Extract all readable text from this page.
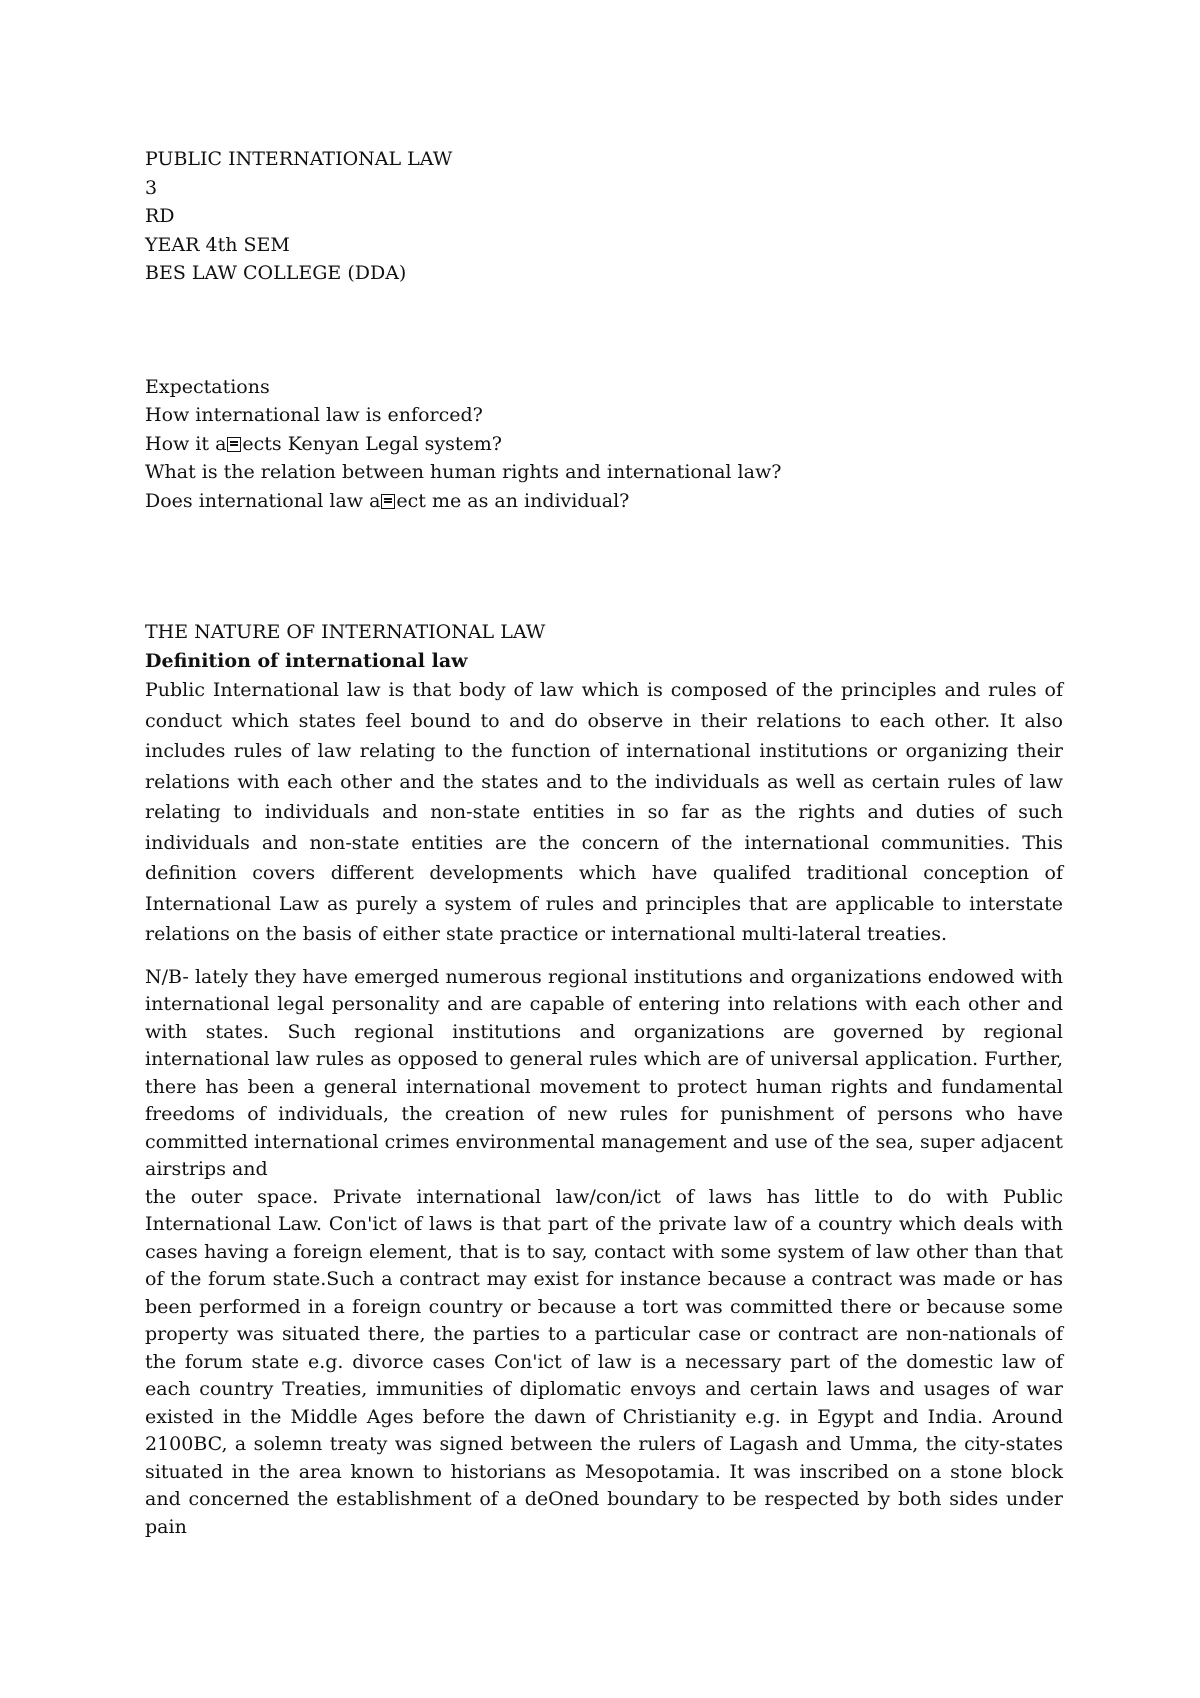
PUBLIC INTERNATIONAL LAW
3
RD
YEAR 4th SEM
BES LAW COLLEGE (DDA)
Expectations
How international law is enforced?
How it a ects Kenyan Legal system?
What is the relation between human rights and international law?
Does international law a ect me as an individual?
THE NATURE OF INTERNATIONAL LAW
Definition of international law

Public International law is that body of law which is composed of the principles and rules of conduct which states feel bound to and do observe in their relations to each other. It also includes rules of law relating to the function of international institutions or organizing their relations with each other and the states and to the individuals as well as certain rules of law relating to individuals and non-state entities in so far as the rights and duties of such individuals and non-state entities are the concern of the international communities. This definition covers different developments which have qualifed traditional conception of International Law as purely a system of rules and principles that are applicable to interstate relations on the basis of either state practice or international multi-lateral treaties.

N/B- lately they have emerged numerous regional institutions and organizations endowed with international legal personality and are capable of entering into relations with each other and with states. Such regional institutions and organizations are governed by regional international law rules as opposed to general rules which are of universal application. Further, there has been a general international movement to protect human rights and fundamental freedoms of individuals, the creation of new rules for punishment of persons who have committed international crimes environmental management and use of the sea, super adjacent airstrips and

the outer space. Private international law/con/ict of laws has little to do with Public International Law. Con'ict of laws is that part of the private law of a country which deals with cases having a foreign element, that is to say, contact with some system of law other than that of the forum state.Such a contract may exist for instance because a contract was made or has been performed in a foreign country or because a tort was committed there or because some property was situated there, the parties to a particular case or contract are non-nationals of the forum state e.g. divorce cases Con'ict of law is a necessary part of the domestic law of each country Treaties, immunities of diplomatic envoys and certain laws and usages of war existed in the Middle Ages before the dawn of Christianity e.g. in Egypt and India. Around 2100BC, a solemn treaty was signed between the rulers of Lagash and Umma, the city-states situated in the area known to historians as Mesopotamia. It was inscribed on a stone block and concerned the establishment of a deOned boundary to be respected by both sides under pain
